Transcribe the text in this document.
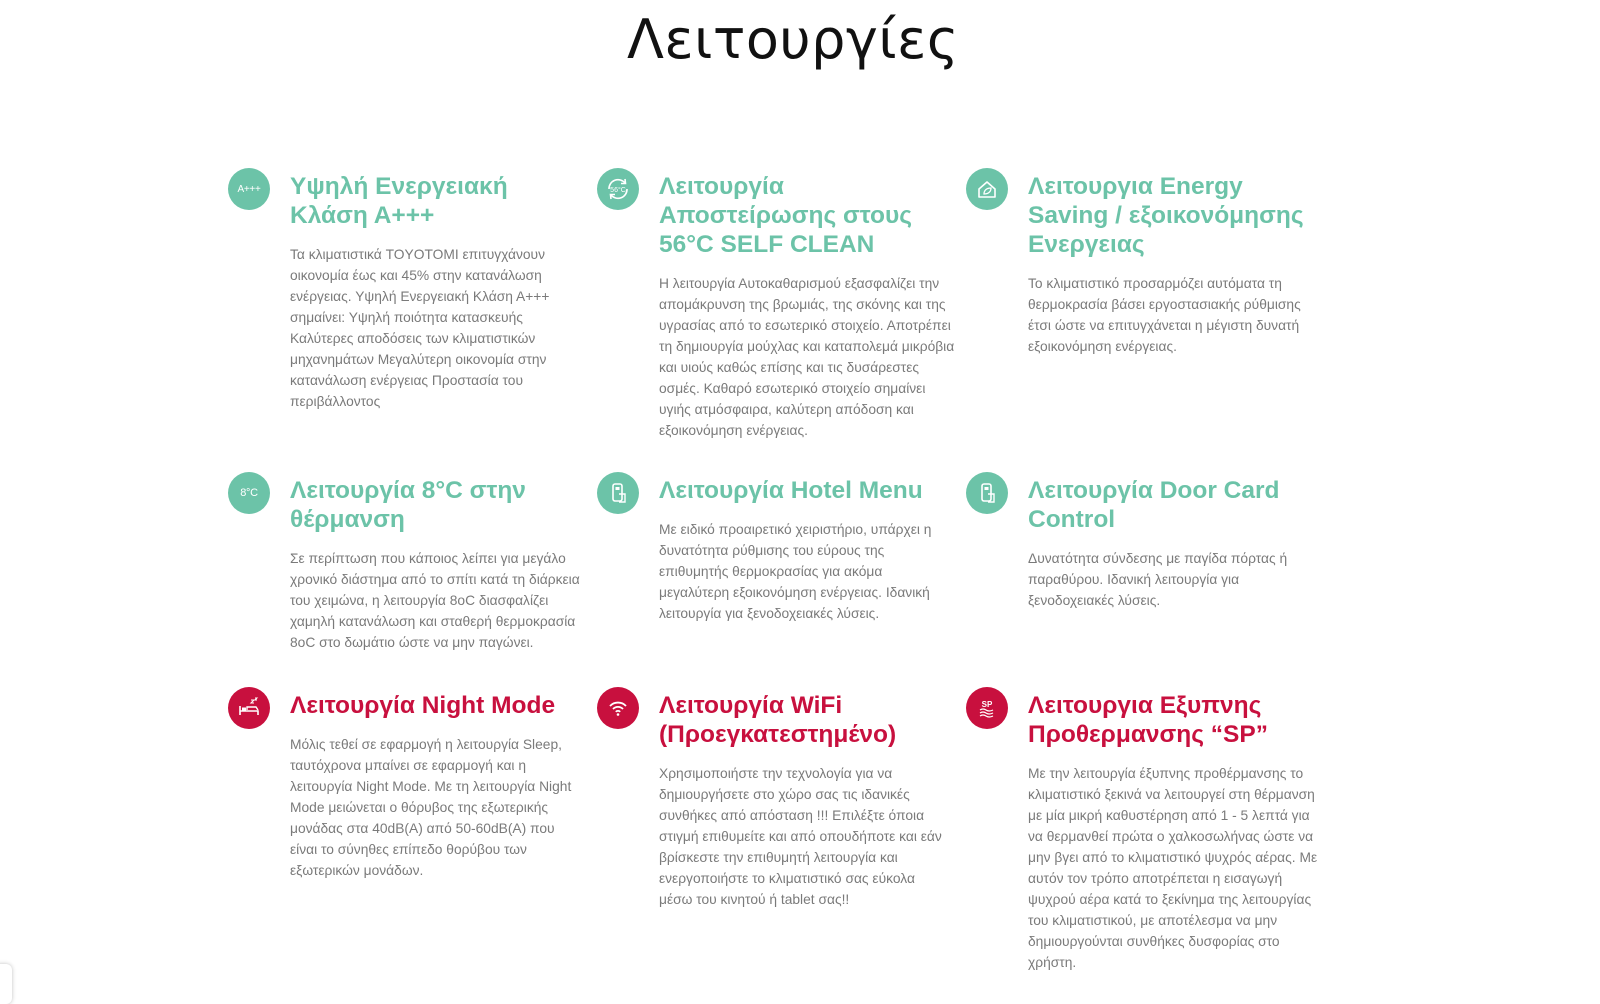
Λειτουργίες
A+++ Υψηλή Ενεργειακή Κλάση Α+++
Τα κλιματιστικά TOYOTOMI επιτυγχάνουν οικονομία έως και 45% στην κατανάλωση ενέργειας. Υψηλή Ενεργειακή Κλάση Α+++ σημαίνει: Υψηλή ποιότητα κατασκευής Καλύτερες αποδόσεις των κλιματιστικών μηχανημάτων Μεγαλύτερη οικονομία στην κατανάλωση ενέργειας Προστασία του περιβάλλοντος
56°C Λειτουργία Αποστείρωσης στους 56°C SELF CLEAN
Η λειτουργία Αυτοκαθαρισμού εξασφαλίζει την απομάκρυνση της βρωμιάς, της σκόνης και της υγρασίας από το εσωτερικό στοιχείο. Αποτρέπει τη δημιουργία μούχλας και καταπολεμά μικρόβια και υιούς καθώς επίσης και τις δυσάρεστες οσμές. Καθαρό εσωτερικό στοιχείο σημαίνει υγιής ατμόσφαιρα, καλύτερη απόδοση και εξοικονόμηση ενέργειας.
Λειτουργια Energy Saving / εξοικονόμησης Ενεργειας
Το κλιματιστικό προσαρμόζει αυτόματα τη θερμοκρασία βάσει εργοστασιακής ρύθμισης έτσι ώστε να επιτυγχάνεται η μέγιστη δυνατή εξοικονόμηση ενέργειας.
8°C Λειτουργία 8°C στην θέρμανση
Σε περίπτωση που κάποιος λείπει για μεγάλο χρονικό διάστημα από το σπίτι κατά τη διάρκεια του χειμώνα, η λειτουργία 8oC διασφαλίζει χαμηλή κατανάλωση και σταθερή θερμοκρασία 8oC στο δωμάτιο ώστε να μην παγώνει.
Λειτουργία Hotel Menu
Με ειδικό προαιρετικό χειριστήριο, υπάρχει η δυνατότητα ρύθμισης του εύρους της επιθυμητής θερμοκρασίας για ακόμα μεγαλύτερη εξοικονόμηση ενέργειας. Ιδανική λειτουργία για ξενοδοχειακές λύσεις.
Λειτουργία Door Card Control
Δυνατότητα σύνδεσης με παγίδα πόρτας ή παραθύρου. Ιδανική λειτουργία για ξενοδοχειακές λύσεις.
Λειτουργία Night Mode
Μόλις τεθεί σε εφαρμογή η λειτουργία Sleep, ταυτόχρονα μπαίνει σε εφαρμογή και η λειτουργία Night Mode. Με τη λειτουργία Night Mode μειώνεται ο θόρυβος της εξωτερικής μονάδας στα 40dB(A) από 50-60dB(A) που είναι το σύνηθες επίπεδο θορύβου των εξωτερικών μονάδων.
Λειτουργία WiFi (Προεγκατεστημένο)
Χρησιμοποιήστε την τεχνολογία για να δημιουργήσετε στο χώρο σας τις ιδανικές συνθήκες από απόσταση !!! Επιλέξτε όποια στιγμή επιθυμείτε και από οπουδήποτε και εάν βρίσκεστε την επιθυμητή λειτουργία και ενεργοποιήστε το κλιματιστικό σας εύκολα μέσω του κινητού ή tablet σας!!
SP Λειτουργια Εξυπνης Προθερμανσης “SP”
Με την λειτουργία έξυπνης προθέρμανσης το κλιματιστικό ξεκινά να λειτουργεί στη θέρμανση με μία μικρή καθυστέρηση από 1 - 5 λεπτά για να θερμανθεί πρώτα ο χαλκοσωλήνας ώστε να μην βγει από το κλιματιστικό ψυχρός αέρας. Με αυτόν τον τρόπο αποτρέπεται η εισαγωγή ψυχρού αέρα κατά το ξεκίνημα της λειτουργίας του κλιματιστικού, με αποτέλεσμα να μην δημιουργούνται συνθήκες δυσφορίας στο χρήστη.
